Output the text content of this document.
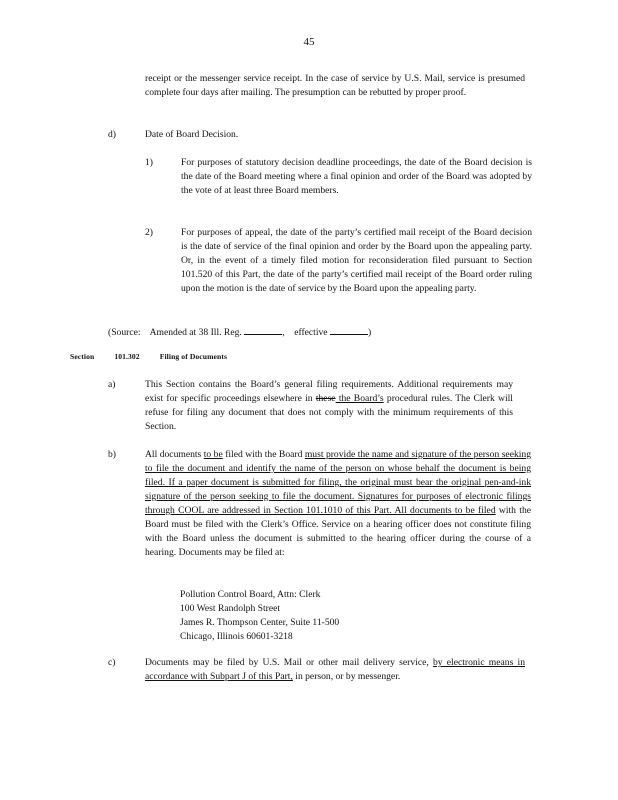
45
receipt or the messenger service receipt. In the case of service by U.S. Mail, service is presumed complete four days after mailing. The presumption can be rebutted by proper proof.
d)	Date of Board Decision.
1)	For purposes of statutory decision deadline proceedings, the date of the Board decision is the date of the Board meeting where a final opinion and order of the Board was adopted by the vote of at least three Board members.
2)	For purposes of appeal, the date of the party’s certified mail receipt of the Board decision is the date of service of the final opinion and order by the Board upon the appealing party. Or, in the event of a timely filed motion for reconsideration filed pursuant to Section 101.520 of this Part, the date of the party’s certified mail receipt of the Board order ruling upon the motion is the date of service by the Board upon the appealing party.
(Source: Amended at 38 Ill. Reg.	, effective	)
Section	101.302	Filing of Documents
a)	This Section contains the Board’s general filing requirements. Additional requirements may exist for specific proceedings elsewhere in these the Board’s procedural rules. The Clerk will refuse for filing any document that does not comply with the minimum requirements of this Section.
b)	All documents to be filed with the Board must provide the name and signature of the person seeking to file the document and identify the name of the person on whose behalf the document is being filed. If a paper document is submitted for filing, the original must bear the original pen-and-ink signature of the person seeking to file the document. Signatures for purposes of electronic filings through COOL are addressed in Section 101.1010 of this Part. All documents to be filed with the Board must be filed with the Clerk’s Office. Service on a hearing officer does not constitute filing with the Board unless the document is submitted to the hearing officer during the course of a hearing. Documents may be filed at:
Pollution Control Board, Attn: Clerk
100 West Randolph Street
James R. Thompson Center, Suite 11-500
Chicago, Illinois 60601-3218
c)	Documents may be filed by U.S. Mail or other mail delivery service, by electronic means in accordance with Subpart J of this Part, in person, or by messenger.
